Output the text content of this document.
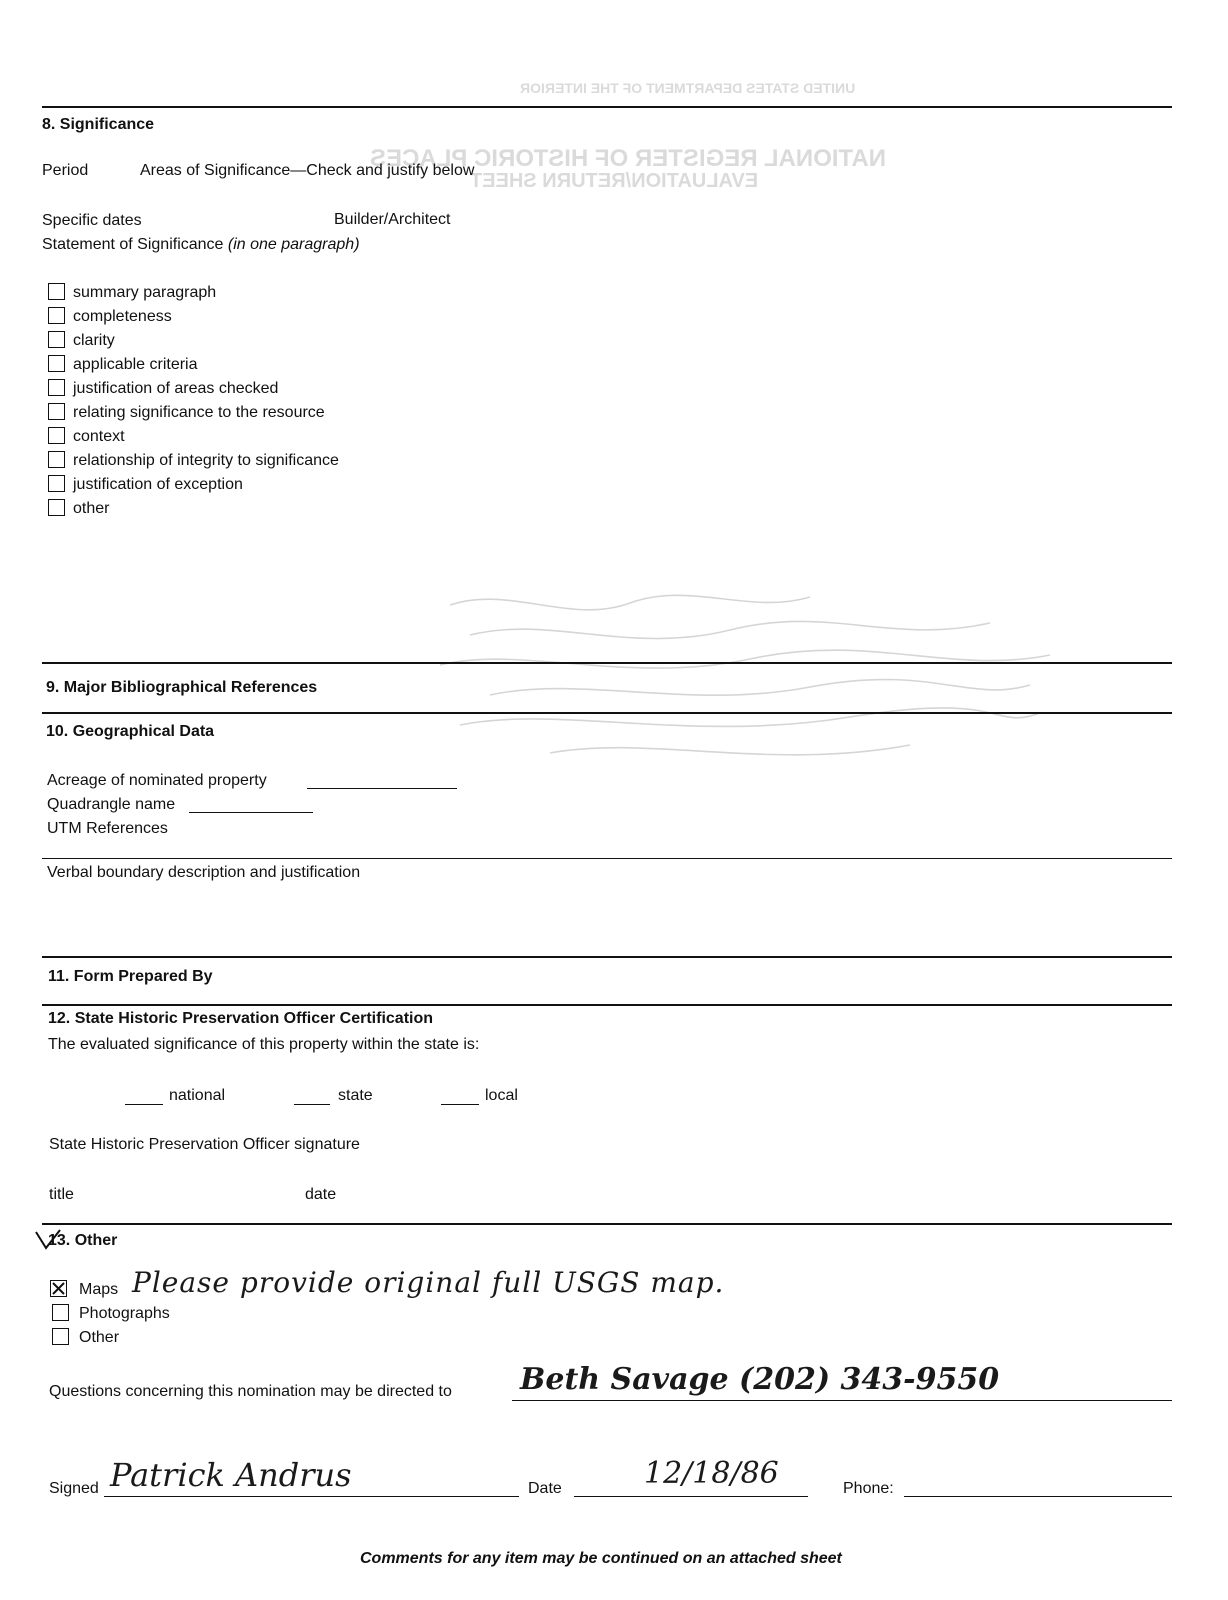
UNITED STATES DEPARTMENT OF THE INTERIOR
NATIONAL REGISTER OF HISTORIC PLACES
EVALUATION/RETURN SHEET
8. Significance
Period	Areas of Significance—Check and justify below
Specific dates	Builder/Architect
Statement of Significance (in one paragraph)
summary paragraph
completeness
clarity
applicable criteria
justification of areas checked
relating significance to the resource
context
relationship of integrity to significance
justification of exception
other
9. Major Bibliographical References
10. Geographical Data
Acreage of nominated property
Quadrangle name
UTM References
Verbal boundary description and justification
11. Form Prepared By
12. State Historic Preservation Officer Certification
The evaluated significance of this property within the state is:
national	state	local
State Historic Preservation Officer signature
title	date
13. Other
Maps Please provide original full USGS map.
Photographs
Other
Questions concerning this nomination may be directed to Beth Savage (202) 343-9550
Signed Patrick Andrus	Date	12/18/86	Phone:
Comments for any item may be continued on an attached sheet
